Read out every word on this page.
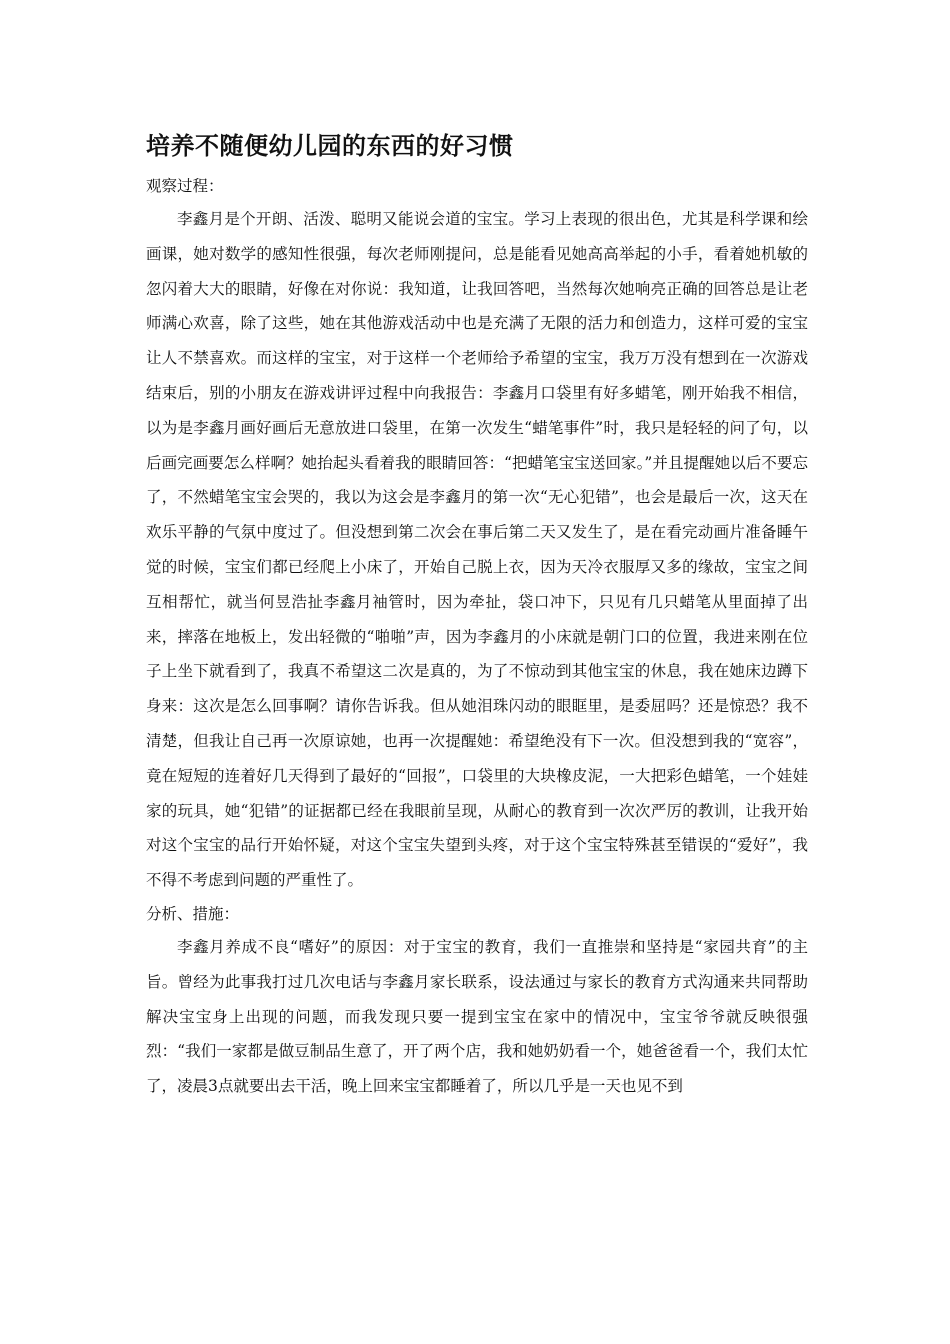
培养不随便幼儿园的东西的好习惯

观察过程：

李鑫月是个开朗、活泼、聪明又能说会道的宝宝。学习上表现的很出色，尤其是科学课和绘画课，她对数学的感知性很强，每次老师刚提问，总是能看见她高高举起的小手，看着她机敏的忽闪着大大的眼睛，好像在对你说：我知道，让我回答吧，当然每次她响亮正确的回答总是让老师满心欢喜，除了这些，她在其他游戏活动中也是充满了无限的活力和创造力，这样可爱的宝宝让人不禁喜欢。而这样的宝宝，对于这样一个老师给予希望的宝宝，我万万没有想到在一次游戏结束后，别的小朋友在游戏讲评过程中向我报告：李鑫月口袋里有好多蜡笔，刚开始我不相信，以为是李鑫月画好画后无意放进口袋里，在第一次发生“蜡笔事件”时，我只是轻轻的问了句，以后画完画要怎么样啊？她抬起头看着我的眼睛回答：“把蜡笔宝宝送回家。”并且提醒她以后不要忘了，不然蜡笔宝宝会哭的，我以为这会是李鑫月的第一次“无心犯错”，也会是最后一次，这天在欢乐平静的气氛中度过了。但没想到第二次会在事后第二天又发生了，是在看完动画片准备睡午觉的时候，宝宝们都已经爬上小床了，开始自己脱上衣，因为天冷衣服厚又多的缘故，宝宝之间互相帮忙，就当何昱浩扯李鑫月袖管时，因为牵扯，袋口冲下，只见有几只蜡笔从里面掉了出来，摔落在地板上，发出轻微的“啪啪”声，因为李鑫月的小床就是朝门口的位置，我进来刚在位子上坐下就看到了，我真不希望这二次是真的，为了不惊动到其他宝宝的休息，我在她床边蹲下身来：这次是怎么回事啊？请你告诉我。但从她泪珠闪动的眼眶里，是委屈吗？还是惊恐？我不清楚，但我让自己再一次原谅她，也再一次提醒她：希望绝没有下一次。但没想到我的“宽容”，竟在短短的连着好几天得到了最好的“回报”，口袋里的大块橡皮泥，一大把彩色蜡笔，一个娃娃家的玩具，她“犯错”的证据都已经在我眼前呈现，从耐心的教育到一次次严厉的教训，让我开始对这个宝宝的品行开始怀疑，对这个宝宝失望到头疼，对于这个宝宝特殊甚至错误的“爱好”，我不得不考虑到问题的严重性了。

分析、措施：

李鑫月养成不良“嗜好”的原因：对于宝宝的教育，我们一直推崇和坚持是“家园共育”的主旨。曾经为此事我打过几次电话与李鑫月家长联系，设法通过与家长的教育方式沟通来共同帮助解决宝宝身上出现的问题，而我发现只要一提到宝宝在家中的情况中，宝宝爷爷就反映很强烈：“我们一家都是做豆制品生意了，开了两个店，我和她奶奶看一个，她爸爸看一个，我们太忙了，凌晨3点就要出去干活，晚上回来宝宝都睡着了，所以几乎是一天也见不到
